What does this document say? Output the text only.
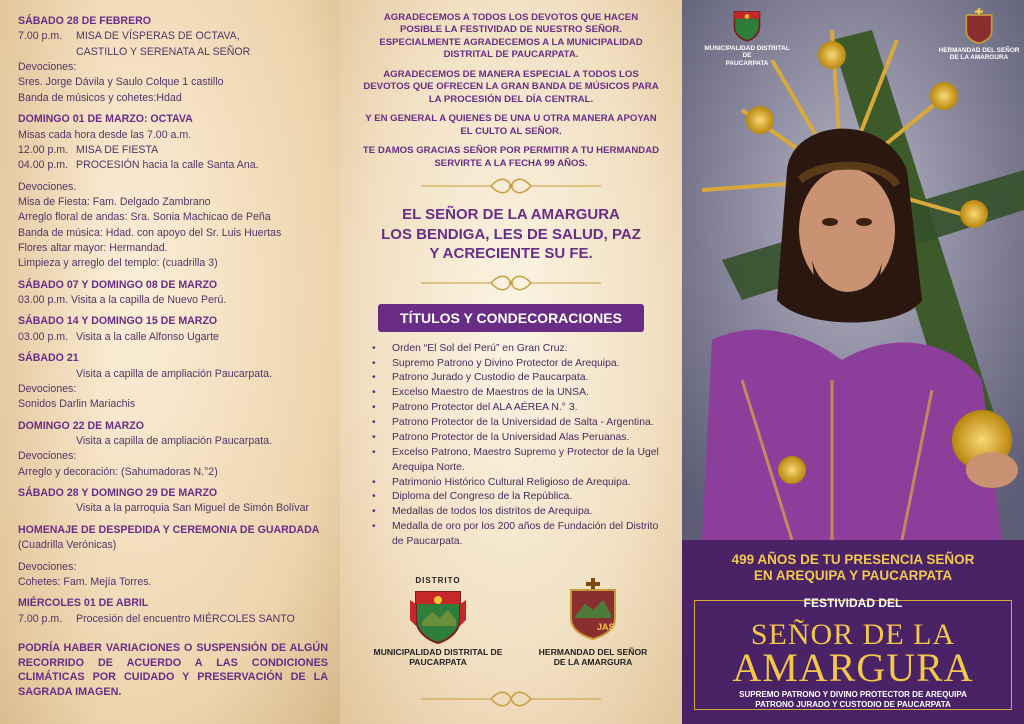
SÁBADO 28 DE FEBRERO
7.00 p.m. MISA DE VÍSPERAS DE OCTAVA,
CASTILLO Y SERENATA AL SEÑOR
Devociones:
Sres. Jorge Dávila y Saulo Colque 1 castillo
Banda de músicos y cohetes:Hdad
DOMINGO 01 DE MARZO: OCTAVA
Misas cada hora desde las 7.00 a.m.
12.00 p.m. MISA DE FIESTA
04.00 p.m. PROCESIÓN hacia la calle Santa Ana.
Devociones.
Misa de Fiesta: Fam. Delgado Zambrano
Arreglo floral de andas: Sra. Sonia Machicao de Peña
Banda de música: Hdad. con apoyo del Sr. Luis Huertas
Flores altar mayor: Hermandad.
Limpieza y arreglo del templo: (cuadrilla 3)
SÁBADO 07 Y DOMINGO 08 DE MARZO
03.00 p.m. Visita a la capilla de Nuevo Perú.
SÁBADO 14 Y DOMINGO 15 DE MARZO
03.00 p.m. Visita a la calle Alfonso Ugarte
SÁBADO 21
Visita a capilla de ampliación Paucarpata.
Devociones:
Sonidos Darlin Mariachis
DOMINGO 22 DE MARZO
Visita a capilla de ampliación Paucarpata.
Devociones:
Arreglo y decoración: (Sahumadoras N.°2)
SÁBADO 28 Y DOMINGO 29 DE MARZO
Visita a la parroquia San Miguel de Simón Bolívar
HOMENAJE DE DESPEDIDA Y CEREMONIA DE GUARDADA
(Cuadrilla Verónicas)
Devociones:
Cohetes: Fam. Mejía Torres.
MIÉRCOLES 01 DE ABRIL
7.00 p.m. Procesión del encuentro MIÉRCOLES SANTO
PODRÍA HABER VARIACIONES O SUSPENSIÓN DE ALGÚN RECORRIDO DE ACUERDO A LAS CONDICIONES CLIMÁTICAS POR CUIDADO Y PRESERVACIÓN DE LA SAGRADA IMAGEN.

AGRADECEMOS A TODOS LOS DEVOTOS QUE HACEN POSIBLE LA FESTIVIDAD DE NUESTRO SEÑOR. ESPECIALMENTE AGRADECEMOS A LA MUNICIPALIDAD DISTRITAL DE PAUCARPATA.

AGRADECEMOS DE MANERA ESPECIAL A TODOS LOS DEVOTOS QUE OFRECEN LA GRAN BANDA DE MÚSICOS PARA LA PROCESIÓN DEL DÍA CENTRAL.

Y EN GENERAL A QUIENES DE UNA U OTRA MANERA APOYAN EL CULTO AL SEÑOR.

TE DAMOS GRACIAS SEÑOR POR PERMITIR A TU HERMANDAD SERVIRTE A LA FECHA 99 AÑOS.

EL SEÑOR DE LA AMARGURA
LOS BENDIGA, LES DE SALUD, PAZ
Y ACRECIENTE SU FE.
TÍTULOS Y CONDECORACIONES
• Orden “El Sol del Perú” en Gran Cruz.
• Supremo Patrono y Divino Protector de Arequipa.
• Patrono Jurado y Custodio de Paucarpata.
• Excelso Maestro de Maestros de la UNSA.
• Patrono Protector del ALA AÉREA N.° 3.
• Patrono Protector de la Universidad de Salta - Argentina.
• Patrono Protector de la Universidad Alas Peruanas.
• Excelso Patrono, Maestro Supremo y Protector de la Ugel Arequipa Norte.
• Patrimonio Histórico Cultural Religioso de Arequipa.
• Diploma del Congreso de la República.
• Medallas de todos los distritos de Arequipa.
• Medalla de oro por los 200 años de Fundación del Distrito de Paucarpata.
DISTRITO
MUNICIPALIDAD DISTRITAL DE
PAUCARPATA
JAS
HERMANDAD DEL SEÑOR
DE LA AMARGURA
MUNICIPALIDAD DISTRITAL DE
PAUCARPATA
HERMANDAD DEL SEÑOR
DE LA AMARGURA
499 AÑOS DE TU PRESENCIA SEÑOR
EN AREQUIPA Y PAUCARPATA
FESTIVIDAD DEL
SEÑOR DE LA
AMARGURA
SUPREMO PATRONO Y DIVINO PROTECTOR DE AREQUIPA
PATRONO JURADO Y CUSTODIO DE PAUCARPATA
